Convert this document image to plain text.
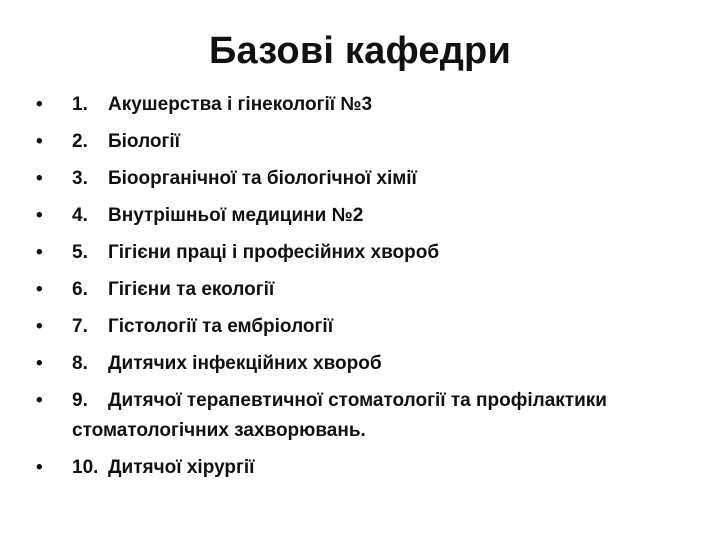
Базові кафедри
•	1. Акушерства і гінекології №3
•	2. Біології
•	3. Біоорганічної та біологічної хімії
•	4. Внутрішньої медицини №2
•	5. Гігієни праці і професійних хвороб
•	6. Гігієни та екології
•	7. Гістології та ембріології
•	8. Дитячих інфекційних хвороб
•	9. Дитячої терапевтичної стоматології та профілактики стоматологічних захворювань.
•	10. Дитячої хірургії
